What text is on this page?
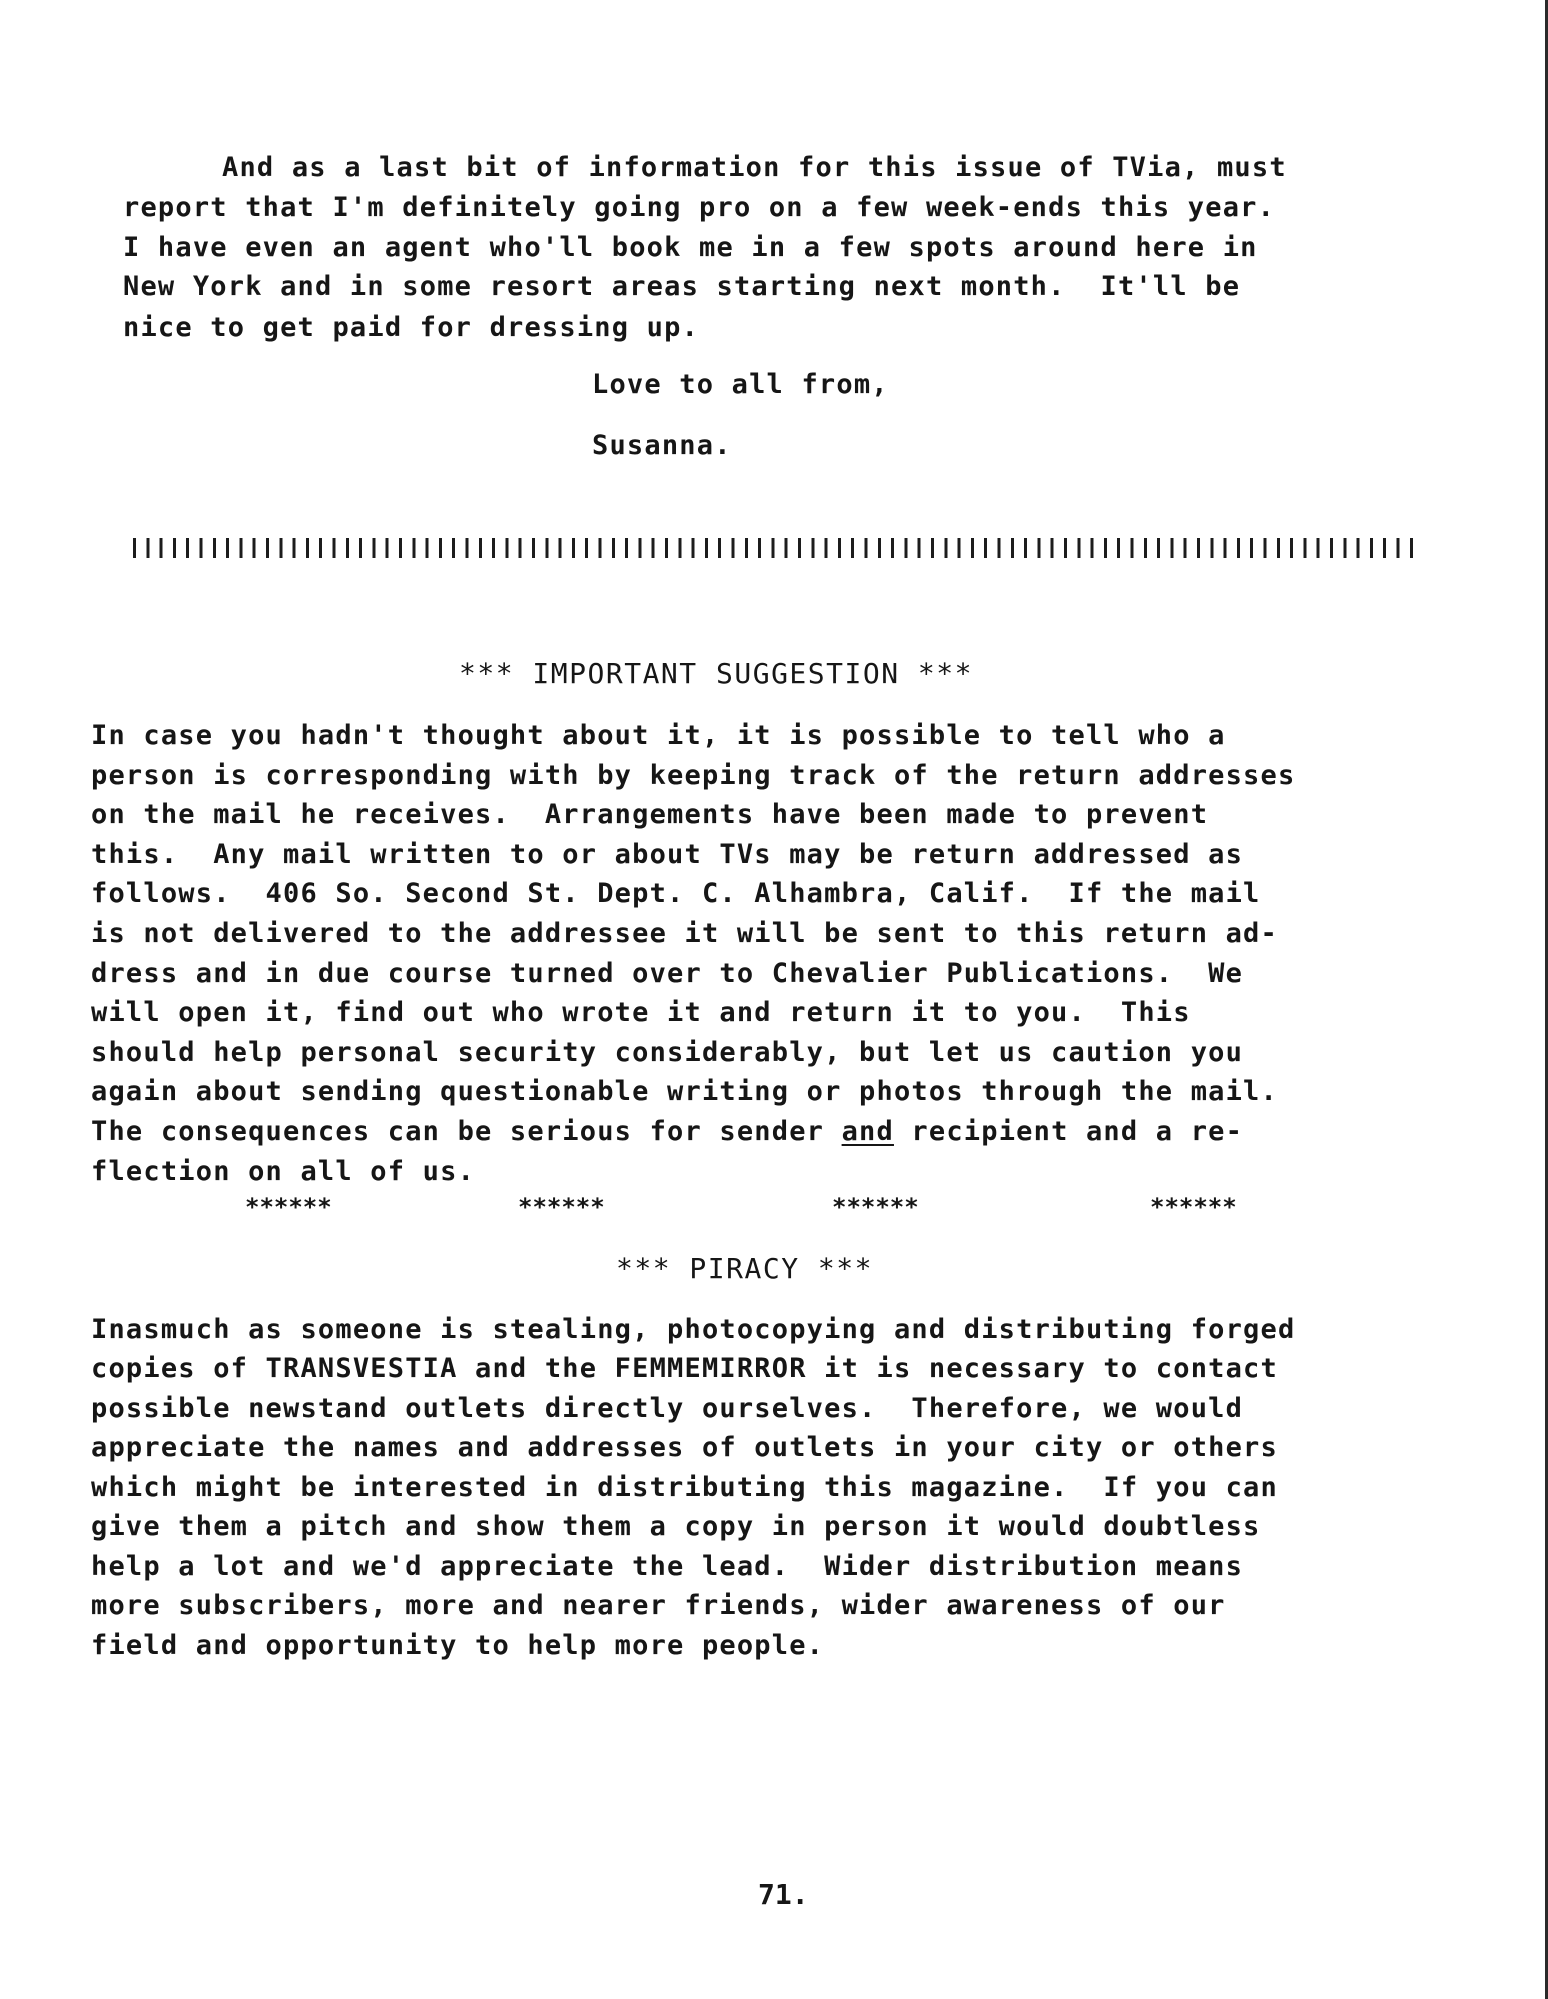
And as a last bit of information for this issue of TVia, must
report that I'm definitely going pro on a few week-ends this year.
I have even an agent who'll book me in a few spots around here in
New York and in some resort areas starting next month.  It'll be
nice to get paid for dressing up.
Love to all from,
Susanna.
*** IMPORTANT SUGGESTION ***
In case you hadn't thought about it, it is possible to tell who a
person is corresponding with by keeping track of the return addresses
on the mail he receives.  Arrangements have been made to prevent
this.  Any mail written to or about TVs may be return addressed as
follows.  406 So. Second St. Dept. C. Alhambra, Calif.  If the mail
is not delivered to the addressee it will be sent to this return ad-
dress and in due course turned over to Chevalier Publications.  We
will open it, find out who wrote it and return it to you.  This
should help personal security considerably, but let us caution you
again about sending questionable writing or photos through the mail.
The consequences can be serious for sender and recipient and a re-
flection on all of us.
******	******	******	******
*** PIRACY ***
Inasmuch as someone is stealing, photocopying and distributing forged
copies of TRANSVESTIA and the FEMMEMIRROR it is necessary to contact
possible newstand outlets directly ourselves.  Therefore, we would
appreciate the names and addresses of outlets in your city or others
which might be interested in distributing this magazine.  If you can
give them a pitch and show them a copy in person it would doubtless
help a lot and we'd appreciate the lead.  Wider distribution means
more subscribers, more and nearer friends, wider awareness of our
field and opportunity to help more people.
71.
